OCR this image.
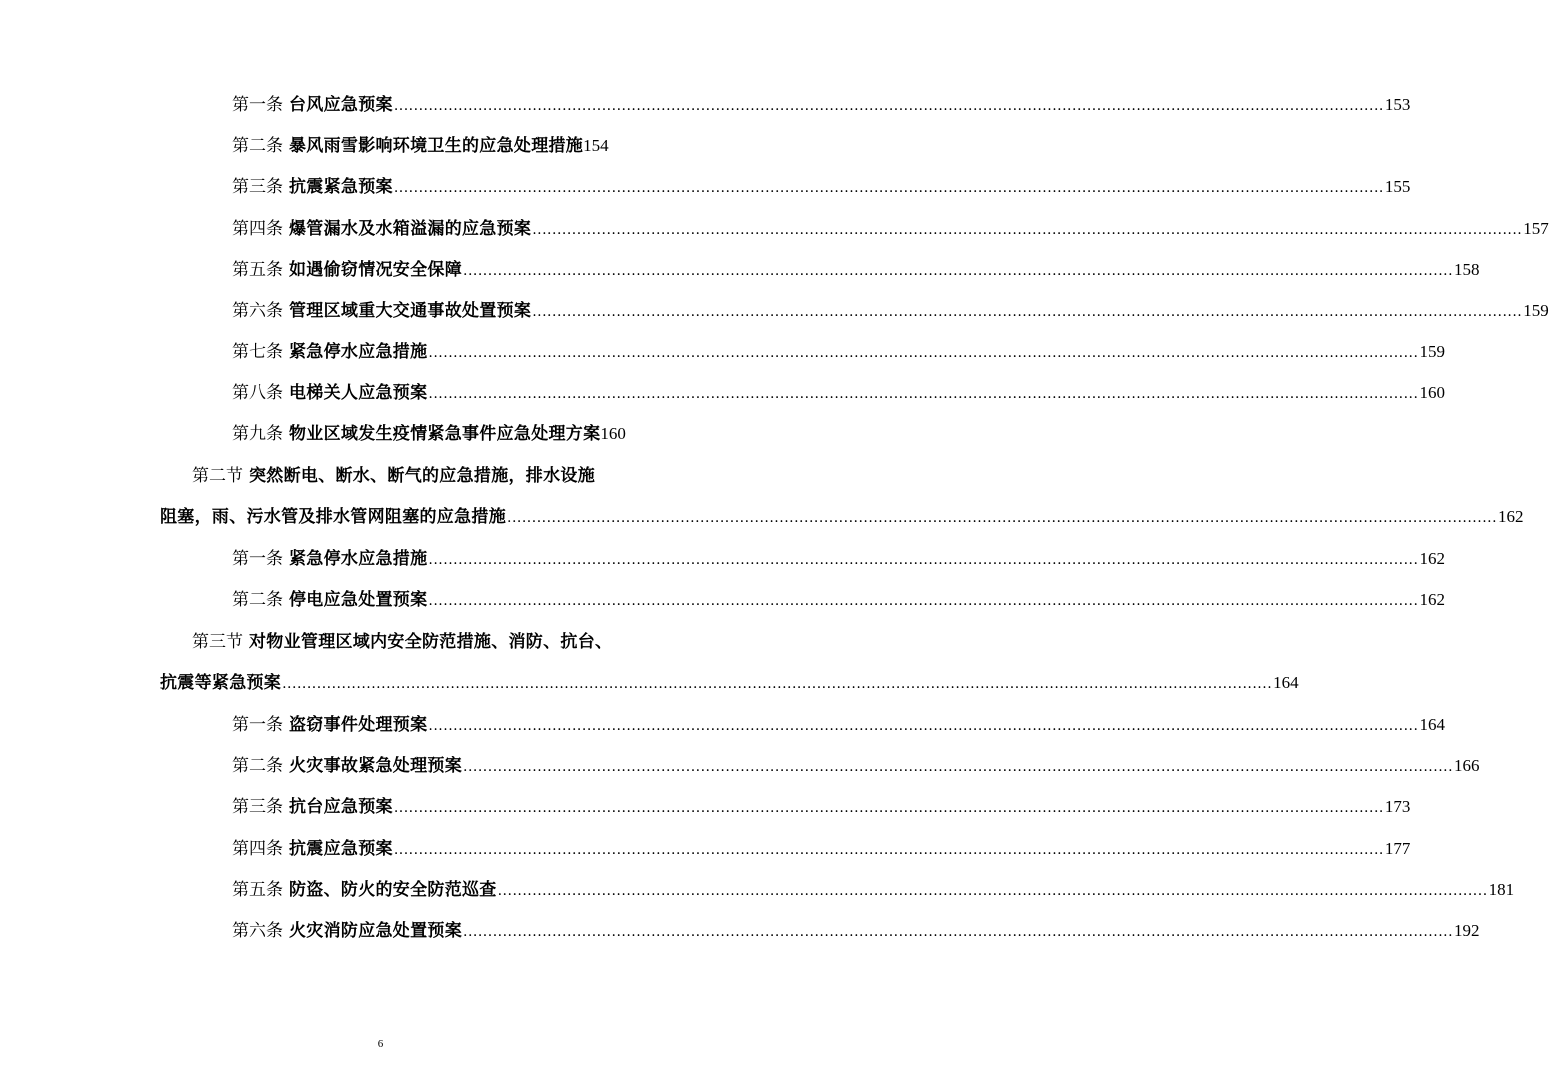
第一条 台风应急预案 ........................................................................................................................................................................................................ 153
第二条 暴风雨雪影响环境卫生的应急处理措施 154
第三条 抗震紧急预案 ........................................................................................................................................................................................................ 155
第四条 爆管漏水及水箱溢漏的应急预案 ........................................................................................................................................................................................................ 157
第五条 如遇偷窃情况安全保障 ........................................................................................................................................................................................................ 158
第六条 管理区域重大交通事故处置预案 ........................................................................................................................................................................................................ 159
第七条 紧急停水应急措施 ........................................................................................................................................................................................................ 159
第八条 电梯关人应急预案 ........................................................................................................................................................................................................ 160
第九条 物业区域发生疫情紧急事件应急处理方案 160
第二节 突然断电、断水、断气的应急措施，排水设施
阻塞，雨、污水管及排水管网阻塞的应急措施 ........................................................................................................................................................................................................ 162
第一条 紧急停水应急措施 ........................................................................................................................................................................................................ 162
第二条 停电应急处置预案 ........................................................................................................................................................................................................ 162
第三节 对物业管理区域内安全防范措施、消防、抗台、
抗震等紧急预案 ........................................................................................................................................................................................................ 164
第一条 盗窃事件处理预案 ........................................................................................................................................................................................................ 164
第二条 火灾事故紧急处理预案 ........................................................................................................................................................................................................ 166
第三条 抗台应急预案 ........................................................................................................................................................................................................ 173
第四条 抗震应急预案 ........................................................................................................................................................................................................ 177
第五条 防盗、防火的安全防范巡查 ........................................................................................................................................................................................................ 181
第六条 火灾消防应急处置预案 ........................................................................................................................................................................................................ 192
6
